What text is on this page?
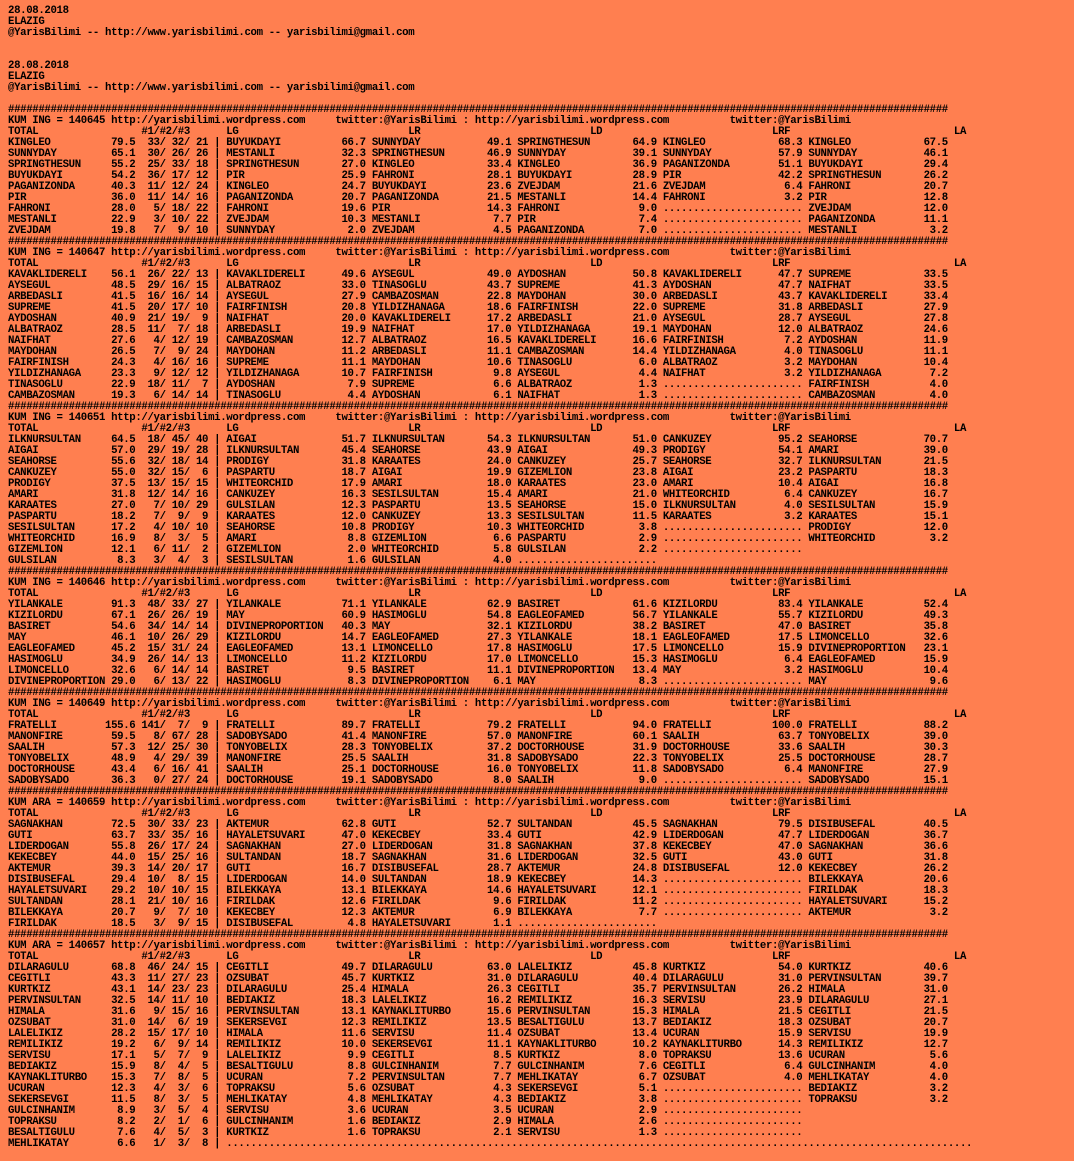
28.08.2018
ELAZIG
@YarisBilimi -- http://www.yarisbilimi.com -- yarisbilimi@gmail.com

28.08.2018
ELAZIG
@YarisBilimi -- http://www.yarisbilimi.com -- yarisbilimi@gmail.com

###########################################################################################################################################################
KUM ING = 140645 http://yarisbilimi.wordpress.com     twitter:@YarisBilimi : http://yarisbilimi.wordpress.com          twitter:@YarisBilimi
TOTAL                 #1/#2/#3      LG                            LR                            LD                            LRF                           LA
KINGLEO          79.5  33/ 32/ 21 | BUYUKDAYI          66.7 SUNNYDAY           49.1 SPRINGTHESUN       64.9 KINGLEO            68.3 KINGLEO            67.5
SUNNYDAY         65.1  30/ 26/ 26 | MESTANLI           32.3 SPRINGTHESUN       46.9 SUNNYDAY           39.1 SUNNYDAY           57.9 SUNNYDAY           46.1
SPRINGTHESUN     55.2  25/ 33/ 18 | SPRINGTHESUN       27.0 KINGLEO            33.4 KINGLEO            36.9 PAGANIZONDA        51.1 BUYUKDAYI          29.4
BUYUKDAYI        54.2  36/ 17/ 12 | PIR                25.9 FAHRONI            28.1 BUYUKDAYI          28.9 PIR                42.2 SPRINGTHESUN       26.2
PAGANIZONDA      40.3  11/ 12/ 24 | KINGLEO            24.7 BUYUKDAYI          23.6 ZVEJDAM            21.6 ZVEJDAM             6.4 FAHRONI            20.7
PIR              36.0  11/ 14/ 16 | PAGANIZONDA        20.7 PAGANIZONDA        21.5 MESTANLI           14.4 FAHRONI             3.2 PIR                12.8
FAHRONI          28.0   5/ 18/ 22 | FAHRONI            19.6 PIR                14.3 FAHRONI             9.0 ....................... ZVEJDAM            12.0
MESTANLI         22.9   3/ 10/ 22 | ZVEJDAM            10.3 MESTANLI            7.7 PIR                 7.4 ....................... PAGANIZONDA        11.1
ZVEJDAM          19.8   7/  9/ 10 | SUNNYDAY            2.0 ZVEJDAM             4.5 PAGANIZONDA         7.0 ....................... MESTANLI            3.2
###########################################################################################################################################################
KUM ING = 140647 http://yarisbilimi.wordpress.com     twitter:@YarisBilimi : http://yarisbilimi.wordpress.com          twitter:@YarisBilimi
TOTAL                 #1/#2/#3      LG                            LR                            LD                            LRF                           LA
KAVAKLIDERELI    56.1  26/ 22/ 13 | KAVAKLIDERELI      49.6 AYSEGUL            49.0 AYDOSHAN           50.8 KAVAKLIDERELI      47.7 SUPREME            33.5
AYSEGUL          48.5  29/ 16/ 15 | ALBATRAOZ          33.0 TINASOGLU          43.7 SUPREME            41.3 AYDOSHAN           47.7 NAIFHAT            33.5
ARBEDASLI        41.5  16/ 16/ 14 | AYSEGUL            27.9 CAMBAZOSMAN        22.8 MAYDOHAN           30.0 ARBEDASLI          43.7 KAVAKLIDERELI      33.4
SUPREME          41.5  20/ 17/ 10 | FAIRFINISH         20.8 YILDIZHANAGA       18.6 FAIRFINISH         22.0 SUPREME            31.8 ARBEDASLI          27.9
AYDOSHAN         40.9  21/ 19/  9 | NAIFHAT            20.0 KAVAKLIDERELI      17.2 ARBEDASLI          21.0 AYSEGUL            28.7 AYSEGUL            27.8
ALBATRAOZ        28.5  11/  7/ 18 | ARBEDASLI          19.9 NAIFHAT            17.0 YILDIZHANAGA       19.1 MAYDOHAN           12.0 ALBATRAOZ          24.6
NAIFHAT          27.6   4/ 12/ 19 | CAMBAZOSMAN        12.7 ALBATRAOZ          16.5 KAVAKLIDERELI      16.6 FAIRFINISH          7.2 AYDOSHAN           11.9
MAYDOHAN         26.5   7/  9/ 24 | MAYDOHAN           11.2 ARBEDASLI          11.1 CAMBAZOSMAN        14.4 YILDIZHANAGA        4.0 TINASOGLU          11.1
FAIRFINISH       24.3   4/ 16/ 16 | SUPREME            11.1 MAYDOHAN           10.6 TINASOGLU           6.0 ALBATRAOZ           3.2 MAYDOHAN           10.4
YILDIZHANAGA     23.3   9/ 12/ 12 | YILDIZHANAGA       10.7 FAIRFINISH          9.8 AYSEGUL             4.4 NAIFHAT             3.2 YILDIZHANAGA        7.2
TINASOGLU        22.9  18/ 11/  7 | AYDOSHAN            7.9 SUPREME             6.6 ALBATRAOZ           1.3 ....................... FAIRFINISH          4.0
CAMBAZOSMAN      19.3   6/ 14/ 14 | TINASOGLU           4.4 AYDOSHAN            6.1 NAIFHAT             1.3 ....................... CAMBAZOSMAN         4.0
###########################################################################################################################################################
KUM ING = 140651 http://yarisbilimi.wordpress.com     twitter:@YarisBilimi : http://yarisbilimi.wordpress.com          twitter:@YarisBilimi
TOTAL                 #1/#2/#3      LG                            LR                            LD                            LRF                           LA
ILKNURSULTAN     64.5  18/ 45/ 40 | AIGAI              51.7 ILKNURSULTAN       54.3 ILKNURSULTAN       51.0 CANKUZEY           95.2 SEAHORSE           70.7
AIGAI            57.0  29/ 19/ 28 | ILKNURSULTAN       45.4 SEAHORSE           43.9 AIGAI              49.3 PRODIGY            54.1 AMARI              39.0
SEAHORSE         55.6  32/ 18/ 14 | PRODIGY            31.8 KARAATES           24.0 CANKUZEY           25.7 SEAHORSE           32.7 ILKNURSULTAN       21.5
CANKUZEY         55.0  32/ 15/  6 | PASPARTU           18.7 AIGAI              19.9 GIZEMLION          23.8 AIGAI              23.2 PASPARTU           18.3
PRODIGY          37.5  13/ 15/ 15 | WHITEORCHID        17.9 AMARI              18.0 KARAATES           23.0 AMARI              10.4 AIGAI              16.8
AMARI            31.8  12/ 14/ 16 | CANKUZEY           16.3 SESILSULTAN        15.4 AMARI              21.0 WHITEORCHID         6.4 CANKUZEY           16.7
KARAATES         27.0   7/ 10/ 29 | GULSILAN           12.3 PASPARTU           13.5 SEAHORSE           15.0 ILKNURSULTAN        4.0 SESILSULTAN        15.9
PASPARTU         18.2   7/  9/  9 | KARAATES           12.0 CANKUZEY           13.3 SESILSULTAN        11.5 KARAATES            3.2 KARAATES           15.1
SESILSULTAN      17.2   4/ 10/ 10 | SEAHORSE           10.8 PRODIGY            10.3 WHITEORCHID         3.8 ....................... PRODIGY            12.0
WHITEORCHID      16.9   8/  3/  5 | AMARI               8.8 GIZEMLION           6.6 PASPARTU            2.9 ....................... WHITEORCHID         3.2
GIZEMLION        12.1   6/ 11/  2 | GIZEMLION           2.0 WHITEORCHID         5.8 GULSILAN            2.2 .......................
GULSILAN          8.3   3/  4/  3 | SESILSULTAN         1.6 GULSILAN            4.0 .......................
###########################################################################################################################################################
KUM ING = 140646 http://yarisbilimi.wordpress.com     twitter:@YarisBilimi : http://yarisbilimi.wordpress.com          twitter:@YarisBilimi
TOTAL                 #1/#2/#3      LG                            LR                            LD                            LRF                           LA
YILANKALE        91.3  48/ 33/ 27 | YILANKALE          71.1 YILANKALE          62.9 BASIRET            61.6 KIZILORDU          83.4 YILANKALE          52.4
KIZILORDU        67.1  26/ 26/ 19 | MAY                60.9 HASIMOGLU          54.8 EAGLEOFAMED        56.7 YILANKALE          55.7 KIZILORDU          49.3
BASIRET          54.6  34/ 14/ 14 | DIVINEPROPORTION   40.3 MAY                32.1 KIZILORDU          38.2 BASIRET            47.0 BASIRET            35.8
MAY              46.1  10/ 26/ 29 | KIZILORDU          14.7 EAGLEOFAMED        27.3 YILANKALE          18.1 EAGLEOFAMED        17.5 LIMONCELLO         32.6
EAGLEOFAMED      45.2  15/ 31/ 24 | EAGLEOFAMED        13.1 LIMONCELLO         17.8 HASIMOGLU          17.5 LIMONCELLO         15.9 DIVINEPROPORTION   23.1
HASIMOGLU        34.9  26/ 14/ 13 | LIMONCELLO         11.2 KIZILORDU          17.0 LIMONCELLO         15.3 HASIMOGLU           6.4 EAGLEOFAMED        15.9
LIMONCELLO       32.6   6/ 14/ 14 | BASIRET             9.5 BASIRET            11.1 DIVINEPROPORTION   13.4 MAY                 3.2 HASIMOGLU          10.4
DIVINEPROPORTION 29.0   6/ 13/ 22 | HASIMOGLU           8.3 DIVINEPROPORTION    6.1 MAY                 8.3 ....................... MAY                 9.6
###########################################################################################################################################################
KUM ING = 140649 http://yarisbilimi.wordpress.com     twitter:@YarisBilimi : http://yarisbilimi.wordpress.com          twitter:@YarisBilimi
TOTAL                 #1/#2/#3      LG                            LR                            LD                            LRF                           LA
FRATELLI        155.6 141/  7/  9 | FRATELLI           89.7 FRATELLI           79.2 FRATELLI           94.0 FRATELLI          100.0 FRATELLI           88.2
MANONFIRE        59.5   8/ 67/ 28 | SADOBYSADO         41.4 MANONFIRE          57.0 MANONFIRE          60.1 SAALIH             63.7 TONYOBELIX         39.0
SAALIH           57.3  12/ 25/ 30 | TONYOBELIX         28.3 TONYOBELIX         37.2 DOCTORHOUSE        31.9 DOCTORHOUSE        33.6 SAALIH             30.3
TONYOBELIX       48.9   4/ 29/ 39 | MANONFIRE          25.5 SAALIH             31.8 SADOBYSADO         22.3 TONYOBELIX         25.5 DOCTORHOUSE        28.7
DOCTORHOUSE      43.4   6/ 16/ 41 | SAALIH             25.1 DOCTORHOUSE        16.0 TONYOBELIX         11.8 SADOBYSADO          6.4 MANONFIRE          27.9
SADOBYSADO       36.3   0/ 27/ 24 | DOCTORHOUSE        19.1 SADOBYSADO          8.0 SAALIH              9.0 ....................... SADOBYSADO         15.1
###########################################################################################################################################################
KUM ARA = 140659 http://yarisbilimi.wordpress.com     twitter:@YarisBilimi : http://yarisbilimi.wordpress.com          twitter:@YarisBilimi
TOTAL                 #1/#2/#3      LG                            LR                            LD                            LRF                           LA
SAGNAKHAN        72.5  30/ 33/ 23 | AKTEMUR            62.8 GUTI               52.7 SULTANDAN          45.5 SAGNAKHAN          79.5 DISIBUSEFAL        40.5
GUTI             63.7  33/ 35/ 16 | HAYALETSUVARI      47.0 KEKECBEY           33.4 GUTI               42.9 LIDERDOGAN         47.7 LIDERDOGAN         36.7
LIDERDOGAN       55.8  26/ 17/ 24 | SAGNAKHAN          27.0 LIDERDOGAN         31.8 SAGNAKHAN          37.8 KEKECBEY           47.0 SAGNAKHAN          36.6
KEKECBEY         44.0  15/ 25/ 16 | SULTANDAN          18.7 SAGNAKHAN          31.6 LIDERDOGAN         32.5 GUTI               43.0 GUTI               31.8
AKTEMUR          39.3  14/ 20/ 17 | GUTI               16.7 DISIBUSEFAL        28.7 AKTEMUR            24.8 DISIBUSEFAL        12.0 KEKECBEY           26.2
DISIBUSEFAL      29.4  10/  8/ 15 | LIDERDOGAN         14.0 SULTANDAN          18.9 KEKECBEY           14.3 ....................... BILEKKAYA          20.6
HAYALETSUVARI    29.2  10/ 10/ 15 | BILEKKAYA          13.1 BILEKKAYA          14.6 HAYALETSUVARI      12.1 ....................... FIRILDAK           18.3
SULTANDAN        28.1  21/ 10/ 16 | FIRILDAK           12.6 FIRILDAK            9.6 FIRILDAK           11.2 ....................... HAYALETSUVARI      15.2
BILEKKAYA        20.7   9/  7/ 10 | KEKECBEY           12.3 AKTEMUR             6.9 BILEKKAYA           7.7 ....................... AKTEMUR             3.2
FIRILDAK         18.5   3/  9/ 15 | DISIBUSEFAL         4.8 HAYALETSUVARI       1.1 .......................
###########################################################################################################################################################
KUM ARA = 140657 http://yarisbilimi.wordpress.com     twitter:@YarisBilimi : http://yarisbilimi.wordpress.com          twitter:@YarisBilimi
TOTAL                 #1/#2/#3      LG                            LR                            LD                            LRF                           LA
DILARAGULU       68.8  46/ 24/ 15 | CEGITLI            49.7 DILARAGULU         63.0 LALELIKIZ          45.8 KURTKIZ            54.0 KURTKIZ            40.6
CEGITLI          43.3  11/ 27/ 23 | OZSUBAT            45.7 KURTKIZ            31.0 DILARAGULU         40.4 DILARAGULU         31.0 PERVINSULTAN       39.7
KURTKIZ          43.1  14/ 23/ 23 | DILARAGULU         25.4 HIMALA             26.3 CEGITLI            35.7 PERVINSULTAN       26.2 HIMALA             31.0
PERVINSULTAN     32.5  14/ 11/ 10 | BEDIAKIZ           18.3 LALELIKIZ          16.2 REMILIKIZ          16.3 SERVISU            23.9 DILARAGULU         27.1
HIMALA           31.6   9/ 15/ 16 | PERVINSULTAN       13.1 KAYNAKLITURBO      15.6 PERVINSULTAN       15.3 HIMALA             21.5 CEGITLI            21.5
OZSUBAT          31.0  14/  6/ 19 | SEKERSEVGI         12.3 REMILIKIZ          13.5 BESALTIGULU        13.7 BEDIAKIZ           18.3 OZSUBAT            20.7
LALELIKIZ        28.2  15/ 17/ 10 | HIMALA             11.6 SERVISU            11.4 OZSUBAT            13.4 UCURAN             15.9 SERVISU            19.9
REMILIKIZ        19.2   6/  9/ 14 | REMILIKIZ          10.0 SEKERSEVGI         11.1 KAYNAKLITURBO      10.2 KAYNAKLITURBO      14.3 REMILIKIZ          12.7
SERVISU          17.1   5/  7/  9 | LALELIKIZ           9.9 CEGITLI             8.5 KURTKIZ             8.0 TOPRAKSU           13.6 UCURAN              5.6
BEDIAKIZ         15.9   8/  4/  5 | BESALTIGULU         8.8 GULCINHANIM         7.7 GULCINHANIM         7.6 CEGITLI             6.4 GULCINHANIM         4.0
KAYNAKLITURBO    15.3   7/  8/  5 | UCURAN              7.2 PERVINSULTAN        7.7 MEHLIKATAY          6.7 OZSUBAT             4.0 MEHLIKATAY          4.0
UCURAN           12.3   4/  3/  6 | TOPRAKSU            5.6 OZSUBAT             4.3 SEKERSEVGI          5.1 ....................... BEDIAKIZ            3.2
SEKERSEVGI       11.5   8/  3/  5 | MEHLIKATAY          4.8 MEHLIKATAY          4.3 BEDIAKIZ            3.8 ....................... TOPRAKSU            3.2
GULCINHANIM       8.9   3/  5/  4 | SERVISU             3.6 UCURAN              3.5 UCURAN              2.9 .......................
TOPRAKSU          8.2   2/  1/  6 | GULCINHANIM         1.6 BEDIAKIZ            2.9 HIMALA              2.6 .......................
BESALTIGULU       7.6   4/  5/  3 | KURTKIZ             1.6 TOPRAKSU            2.1 SERVISU             1.3 .......................
MEHLIKATAY        6.6   1/  3/  8 | ...........................................................................................................................
